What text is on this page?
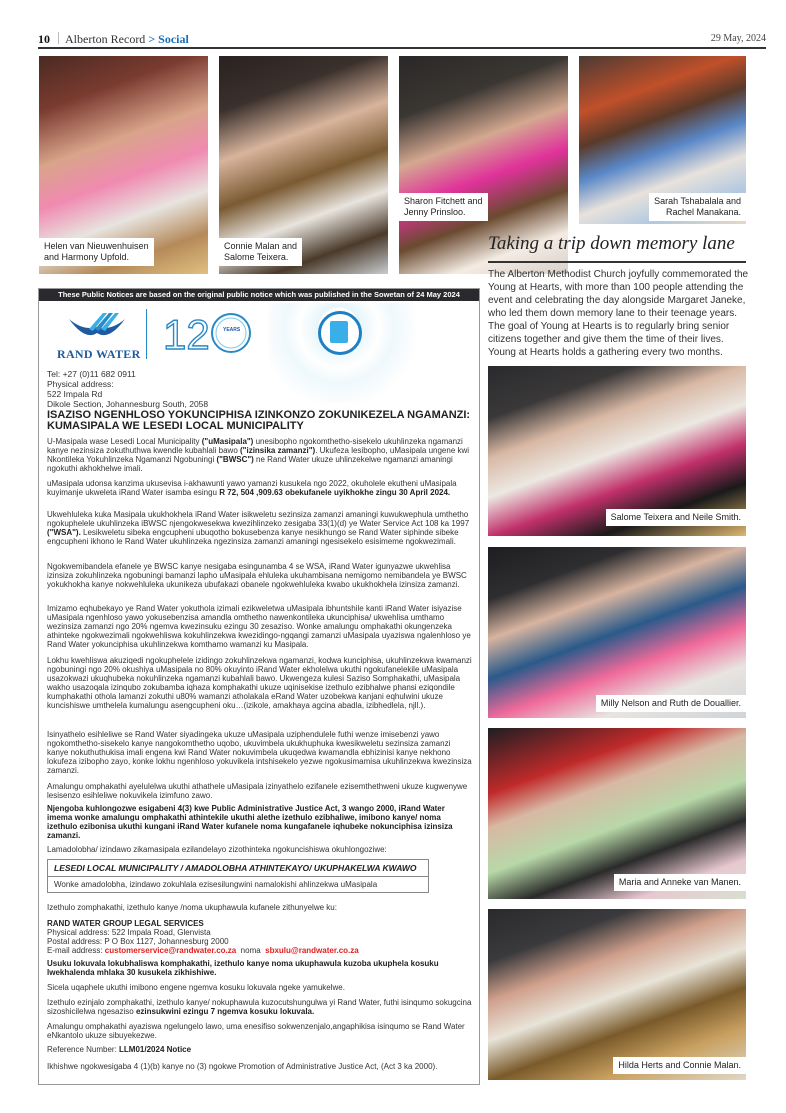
10 Alberton Record > Social	29 May, 2024
Helen van Nieuwenhuisen
and Harmony Upfold.
Connie Malan and
Salome Teixera.
Sharon Fitchett and
Jenny Prinsloo.
Sarah Tshabalala and
Rachel Manakana.
Taking a trip down memory lane

The Alberton Methodist Church joyfully commemorated the Young at Hearts, with more than 100 people attending the event and celebrating the day alongside Margaret Janeke, who led them down memory lane to their teenage years.

The goal of Young at Hearts is to regularly bring senior citizens together and give them the time of their lives. Young at Hearts holds a gathering every two months.

Salome Teixera and Neile Smith.
Milly Nelson and Ruth de Douallier.
Maria and Anneke van Manen.
Hilda Herts and Connie Malan.
These Public Notices are based on the original public notice which was published in the Sowetan of 24 May 2024
RAND WATER 12	YEARS
Tel: +27 (0)11 682 0911
Physical address:
522 Impala Rd
Dikole Section, Johannesburg South, 2058
ISAZISO NGENHLOSO YOKUNCIPHISA IZINKONZO ZOKUNIKEZELA NGAMANZI:
KUMASIPALA WE LESEDI LOCAL MUNICIPALITY

U-Masipala wase Lesedi Local Municipality ("uMasipala") unesibopho ngokomthetho-sisekelo ukuhlinzeka ngamanzi kanye nezinsiza zokuthuthwa kwendle kubahlali bawo ("izinsika zamanzi"). Ukufeza lesibopho, uMasipala ungene kwi Nkontileka Yokuhlinzeka Ngamanzi Ngobuningi ("BWSC") ne Rand Water ukuze uhlinzekelwe ngamanzi amaningi ngokuthi akhokhelwe imali.

uMasipala udonsa kanzima ukusevisa i-akhawunti yawo yamanzi kusukela ngo 2022, okuholele ekutheni uMasipala kuyimanje ukweleta iRand Water isamba esingu R 72, 504 ,909.63 obekufanele uyikhokhe zingu 30 April 2024.

Ukwehluleka kuka Masipala ukukhokhela iRand Water isikweletu sezinsiza zamanzi amaningi kuwukwephula umthetho ngokuphelele ukuhlinzeka iBWSC njengokwesekwa kwezihlinzeko zesigaba 33(1)(d) ye Water Service Act 108 ka 1997 ("WSA"). Lesikweletu sibeka engcupheni ubuqotho bokusebenza kanye nesikhungo se Rand Water siphinde sibeke engcupheni ikhono le Rand Water ukuhlinzeka ngezinsiza zamanzi amaningi ngesisekelo esisimeme ngokwezimali.

Ngokwemibandela efanele ye BWSC kanye nesigaba esingunamba 4 se WSA, iRand Water igunyazwe ukwehlisa izinsiza zokuhlinzeka ngobuningi bamanzi lapho uMasipala ehluleka ukuhambisana nemigomo nemibandela ye BWSC yokukhokha kanye nokwehluleka ukunikeza ubufakazi obanele ngokwehluleka kwabo ukukhokhela izinsiza zamanzi.
Imizamo eqhubekayo ye Rand Water yokuthola izimali ezikweletwa uMasipala ibhuntshile kanti iRand Water isiyazise uMasipala ngenhloso yawo yokusebenzisa amandla omthetho nawenkontileka ukunciphisa/ ukwehlisa umthamo wezinsiza zamanzi ngo 20% ngemva kwezinsuku ezingu 30 zesaziso. Wonke amalungu omphakathi okungenzeka athinteke ngokwezimali ngokwehliswa kokuhlinzekwa kwezidingo-ngqangi zamanzi uMasipala uyaziswa ngalenhloso ye Rand Water yokunciphisa ukuhlinzekwa komthamo wamanzi ku Masipala.
Lokhu kwehliswa akuziqedi ngokuphelele izidingo zokuhlinzekwa ngamanzi, kodwa kunciphisa, ukuhlinzekwa kwamanzi ngobuningi ngo 20% okushiya uMasipala no 80% okuyinto iRand Water ekholelwa ukuthi ngokufanelekile uMasipala usazokwazi ukuqhubeka nokuhlinzeka ngamanzi kubahlali bawo. Ukwengeza kulesi Saziso Somphakathi, uMasipala wakho usazoqala izinqubo zokubamba iqhaza komphakathi ukuze uqinisekise izethulo ezibhalwe phansi eziqondile kumphakathi otholа lamanzi zokuthi u80% wamanzi atholakala eRand Water uzobekwa kanjani eqhulwini ukuze kuncishiswe umthelela kumalungu asengcupheni oku…(izikole, amakhaya agcina abadla, izibhedlela, njll.).
Isinyathelo esihleliwe se Rand Water siyadingeka ukuze uMasipala uziphendulele futhi wenze imisebenzi yawo ngokomthetho-sisekelo kanye nangokomthetho uqobo, ukuvimbela ukukhuphuka kwesikweletu sezinsiza zamanzi kanye nokuthuthukisa imali engena kwi Rand Water nokuvimbela ukuqedwa kwamandla ebhizinisi kanye nekhono lokufeza izibopho zayo, konke lokhu ngenhloso yokuvikela intshisekelo yezwe ngokusimamisa ukuhlinzekwa kwezinsiza zamanzi.
Amalungu omphakathi ayelulelwa ukuthi athathele uMasipala izinyathelo ezifanele ezisemthethweni ukuze kugwenywe lesisenzo esihleliwe nokuvikela izimfuno zawo.
Njengoba kuhlongozwe esigabeni 4(3) kwe Public Administrative Justice Act, 3 wangо 2000, iRand Water imema wonke amalungu omphakathi athintekile ukuthi alethe izethulo ezibhaliwe, imibono kanye/ noma izethulo ezibonisa ukuthi kungani iRand Water kufanele noma kungafanele iqhubeke nokunciphisa izinsiza zamanzi.
Lamadolobha/ izindawo zikamasipala ezilandelayo zizothinteka ngokuncishiswa okuhlongoziwe:
LESEDI LOCAL MUNICIPALITY / AMADOLOBHA ATHINTEKAYO/ UKUPHAKELWA KWAWO
Wonke amadolobha, izindawo zokuhlala ezisesilungwini namalokishi ahlinzekwa uMasipala
Izethulo zomphakathi, izethulo kanye /noma ukuphawula kufanele zithunyelwe ku:
RAND WATER GROUP LEGAL SERVICES
Physical address: 522 Impala Road, Glenvista
Postal address: P O Box 1127, Johannesburg 2000
E-mail address: customerservice@randwater.co.za  noma  sbxulu@randwater.co.za
Usuku lokuvala lokubhaliswa komphakathi, izethulo kanye noma ukuphawula kuzoba ukuphela kosuku lwekhalenda mhlaka 30 kusukela zikhishiwe.
Sicela uqaphele ukuthi imibono engene ngemva kosuku lokuvala ngeke yamukelwe.

Izethulo ezinjalo zomphakathi, izethulo kanye/ nokuphawula kuzocutshungulwa yi Rand Water, futhi isinqumo sokugcina sizoshicilelwa ngesaziso ezinsukwini ezingu 7 ngemva kosuku lokuvala.

Amalungu omphakathi ayaziswa ngelungelo lawo, uma enesifiso sokwenzenjalo,angaphikisa isinqumo se Rand Water eNkantolo ukuze sibuyekezwe.
Reference Number: LLM01/2024 Notice
Ikhishwe ngokwesigaba 4 (1)(b) kanye no (3) ngokwe Promotion of Administrative Justice Act, (Act 3 ka 2000).
